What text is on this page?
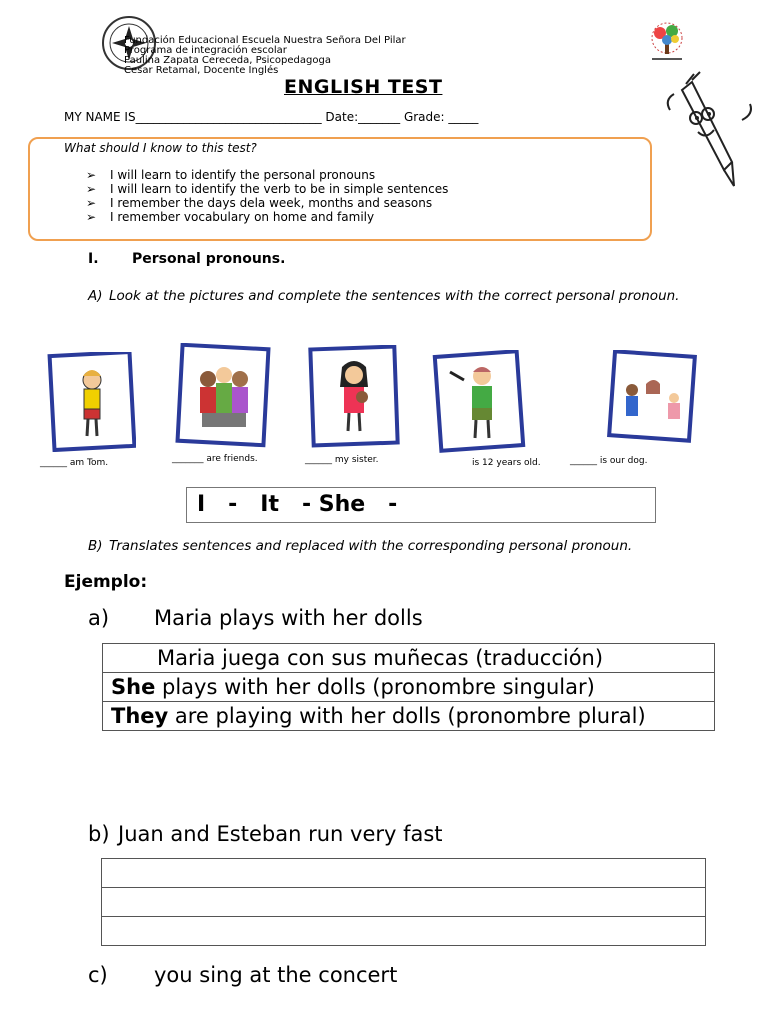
Fundación Educacional Escuela Nuestra Señora Del Pilar
Programa de integración escolar
Paulina Zapata Cereceda, Psicopedagoga
Cesar Retamal, Docente Inglés
ENGLISH TEST
MY NAME IS_______________________________ Date:_______ Grade: _____
What should I know to this test?
➢ I will learn to identify the personal pronouns
➢ I will learn to identify the verb to be in simple sentences
➢ I remember the days dela week, months and seasons
➢ I remember vocabulary on home and family
I. Personal pronouns.
A) Look at the pictures and complete the sentences with the correct personal pronoun.
______ am Tom.	_______ are friends.	______ my sister.	is 12 years old.	______ is our dog.
I   -   It   - She   -
B) Translates sentences and replaced with the corresponding personal pronoun.
Ejemplo:
a) Maria plays with her dolls
Maria juega con sus muñecas (traducción)
She plays with her dolls (pronombre singular)
They are playing with her dolls (pronombre plural)
b) Juan and Esteban run very fast

c) you sing at the concert
